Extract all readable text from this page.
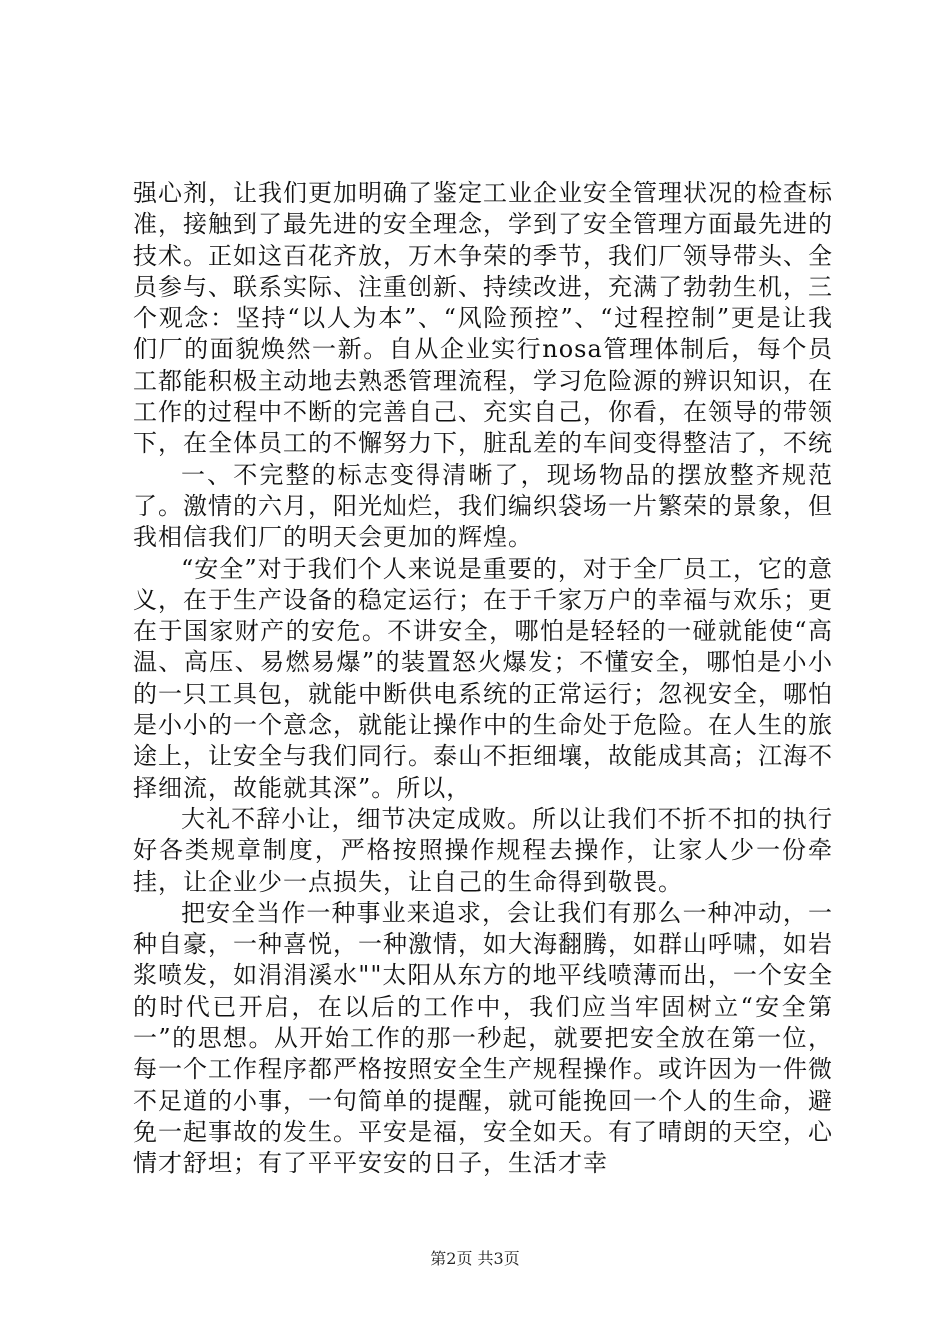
强心剂，让我们更加明确了鉴定工业企业安全管理状况的检查标准，接触到了最先进的安全理念，学到了安全管理方面最先进的技术。正如这百花齐放，万木争荣的季节，我们厂领导带头、全员参与、联系实际、注重创新、持续改进，充满了勃勃生机，三个观念：坚持“以人为本”、“风险预控”、“过程控制”更是让我们厂的面貌焕然一新。自从企业实行nosa管理体制后，每个员工都能积极主动地去熟悉管理流程，学习危险源的辨识知识，在工作的过程中不断的完善自己、充实自己，你看，在领导的带领下，在全体员工的不懈努力下，脏乱差的车间变得整洁了，不统

一、不完整的标志变得清晰了，现场物品的摆放整齐规范了。激情的六月，阳光灿烂，我们编织袋场一片繁荣的景象，但我相信我们厂的明天会更加的辉煌。

“安全”对于我们个人来说是重要的，对于全厂员工，它的意义，在于生产设备的稳定运行；在于千家万户的幸福与欢乐；更在于国家财产的安危。不讲安全，哪怕是轻轻的一碰就能使“高温、高压、易燃易爆”的装置怒火爆发；不懂安全，哪怕是小小的一只工具包，就能中断供电系统的正常运行；忽视安全，哪怕是小小的一个意念，就能让操作中的生命处于危险。在人生的旅途上，让安全与我们同行。泰山不拒细壤，故能成其高；江海不择细流，故能就其深”。所以，

大礼不辞小让，细节决定成败。所以让我们不折不扣的执行好各类规章制度，严格按照操作规程去操作，让家人少一份牵挂，让企业少一点损失，让自己的生命得到敬畏。

把安全当作一种事业来追求，会让我们有那么一种冲动，一种自豪，一种喜悦，一种激情，如大海翻腾，如群山呼啸，如岩浆喷发，如涓涓溪水""太阳从东方的地平线喷薄而出，一个安全的时代已开启，在以后的工作中，我们应当牢固树立“安全第一”的思想。从开始工作的那一秒起，就要把安全放在第一位，每一个工作程序都严格按照安全生产规程操作。或许因为一件微不足道的小事，一句简单的提醒，就可能挽回一个人的生命，避免一起事故的发生。平安是福，安全如天。有了晴朗的天空，心情才舒坦；有了平平安安的日子，生活才幸

第2页 共3页
